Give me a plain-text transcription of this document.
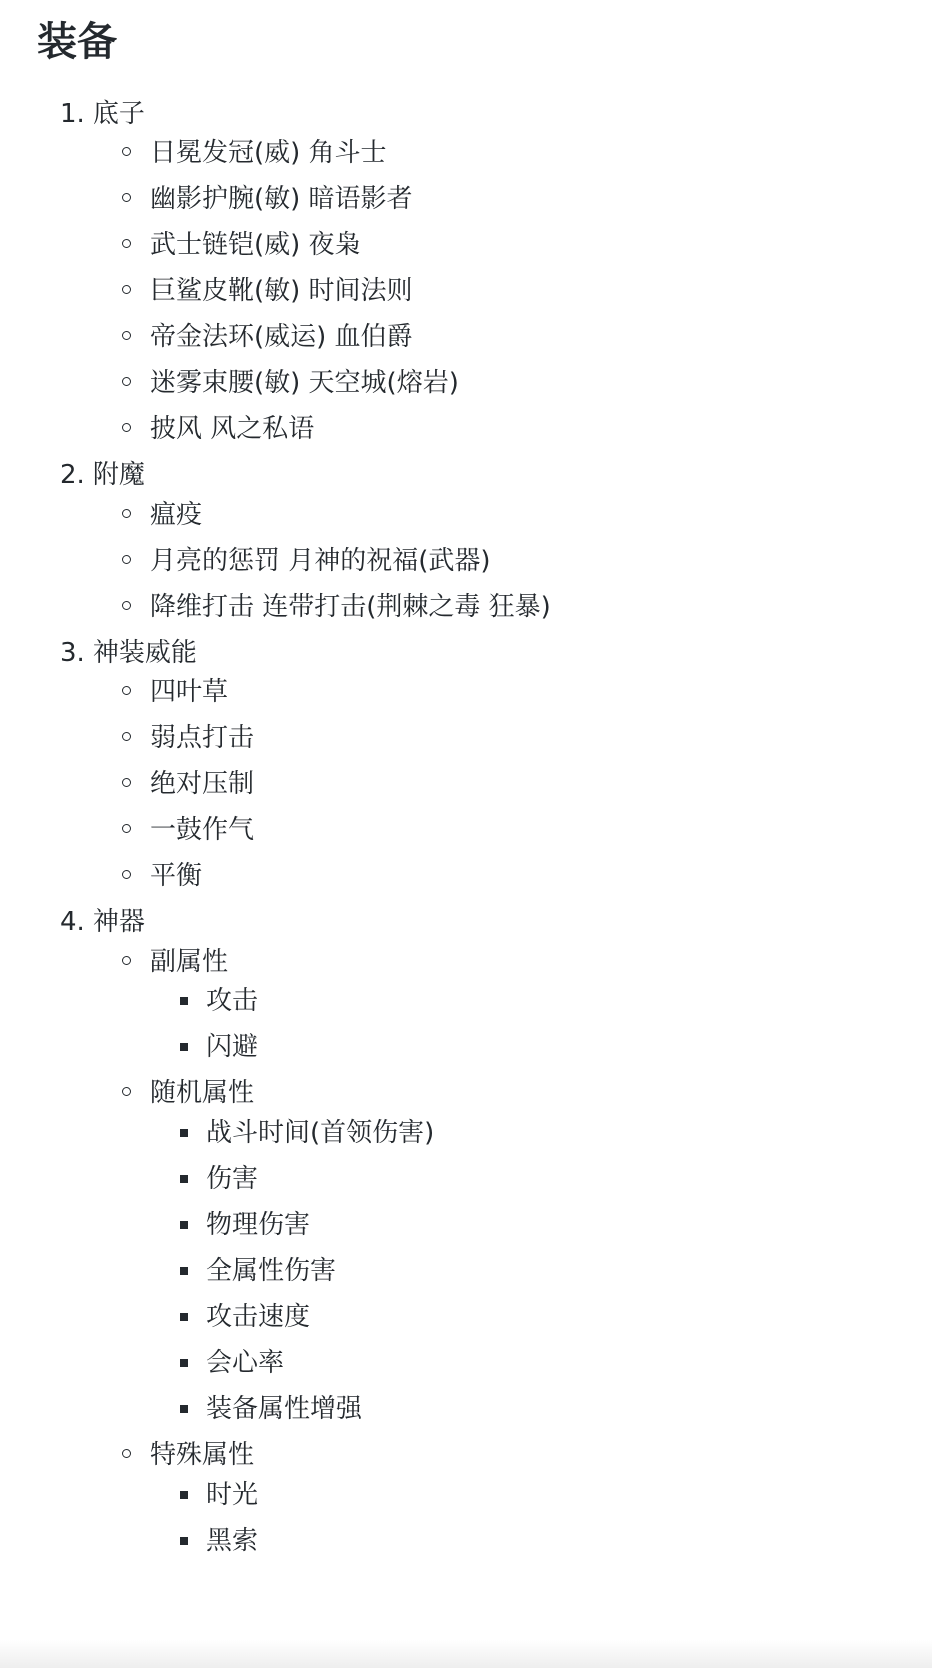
装备
1. 底子
日冕发冠(威) 角斗士
幽影护腕(敏) 暗语影者
武士链铠(威) 夜枭
巨鲨皮靴(敏) 时间法则
帝金法环(威运) 血伯爵
迷雾束腰(敏) 天空城(熔岩)
披风 风之私语
2. 附魔
瘟疫
月亮的惩罚 月神的祝福(武器)
降维打击 连带打击(荆棘之毒 狂暴)
3. 神装威能
四叶草
弱点打击
绝对压制
一鼓作气
平衡
4. 神器
副属性
攻击
闪避
随机属性
战斗时间(首领伤害)
伤害
物理伤害
全属性伤害
攻击速度
会心率
装备属性增强
特殊属性
时光
黑索
